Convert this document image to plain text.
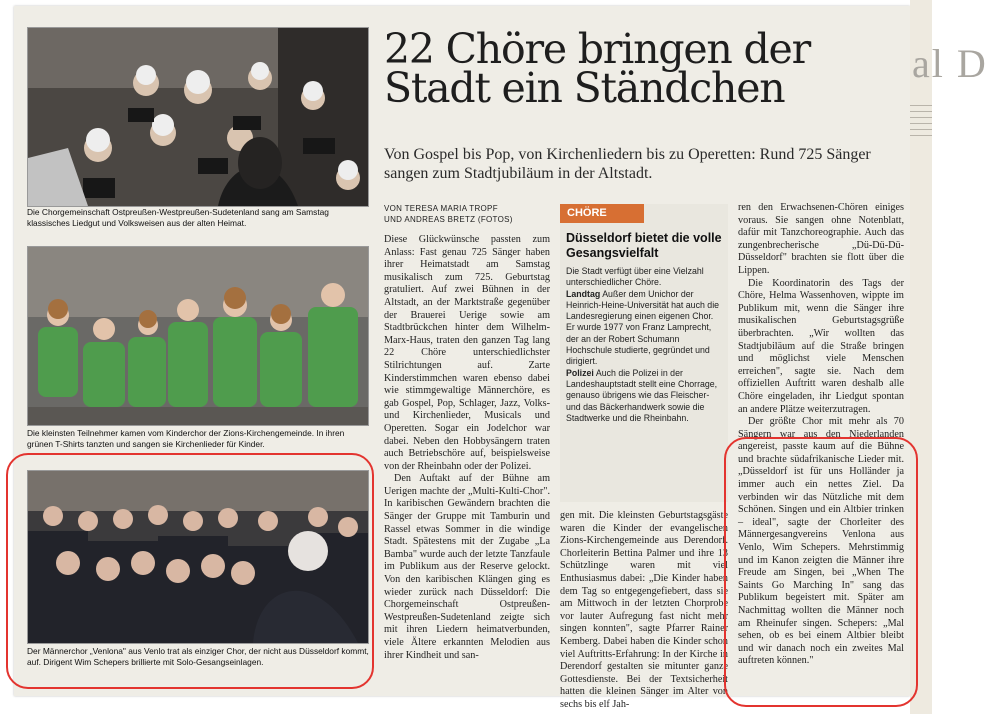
al D
Die Chorgemeinschaft Ostpreußen-Westpreußen-Sudetenland sang am Samstag klassisches Liedgut und Volksweisen aus der alten Heimat.
Die kleinsten Teilnehmer kamen vom Kinderchor der Zions-Kirchengemeinde. In ihren grünen T-Shirts tanzten und sangen sie Kirchenlieder für Kinder.
Der Männerchor „Venlona" aus Venlo trat als einziger Chor, der nicht aus Düsseldorf kommt, auf. Dirigent Wim Schepers brillierte mit Solo-Gesangseinlagen.
22 Chöre bringen der
Stadt ein Ständchen
Von Gospel bis Pop, von Kirchenliedern bis zu Operetten: Rund 725 Sänger sangen zum Stadtjubiläum in der Altstadt.
VON TERESA MARIA TROPF
UND ANDREAS BRETZ (FOTOS)

Diese Glückwünsche passten zum Anlass: Fast genau 725 Sänger haben ihrer Heimatstadt am Samstag musikalisch zum 725. Geburtstag gratuliert. Auf zwei Bühnen in der Altstadt, an der Marktstraße gegenüber der Brauerei Uerige sowie am Stadtbrückchen hinter dem Wilhelm-Marx-Haus, traten den ganzen Tag lang 22 Chöre unterschiedlichster Stilrichtungen auf. Zarte Kinderstimmchen waren ebenso dabei wie stimmgewaltige Männerchöre, es gab Gospel, Pop, Schlager, Jazz, Volks- und Kirchenlieder, Musicals und Operetten. Sogar ein Jodelchor war dabei. Neben den Hobbysängern traten auch Betriebschöre auf, beispielsweise von der Rheinbahn oder der Polizei.

Den Auftakt auf der Bühne am Uerigen machte der „Multi-Kulti-Chor". In karibischen Gewändern brachten die Sänger der Gruppe mit Tamburin und Rassel etwas Sommer in die windige Stadt. Spätestens mit der Zugabe „La Bamba" wurde auch der letzte Tanzfaule im Publikum aus der Reserve gelockt. Von den karibischen Klängen ging es wieder zurück nach Düsseldorf: Die Chorgemeinschaft Ostpreußen-Westpreußen-Sudetenland zeigte sich mit ihren Liedern heimatverbunden, viele Ältere erkannten Melodien aus ihrer Kindheit und san-

CHÖRE
Düsseldorf bietet die volle Gesangsvielfalt
Die Stadt verfügt über eine Vielzahl unterschiedlicher Chöre.
Landtag Außer dem Unichor der Heinrich-Heine-Universität hat auch die Landesregierung einen eigenen Chor. Er wurde 1977 von Franz Lamprecht, der an der Robert Schumann Hochschule studierte, gegründet und dirigiert.
Polizei Auch die Polizei in der Landeshauptstadt stellt eine Chorrage, genauso übrigens wie das Fleischer- und das Bäckerhandwerk sowie die Stadtwerke und die Rheinbahn.

gen mit. Die kleinsten Geburtstagsgäste waren die Kinder der evangelischen Zions-Kirchengemeinde aus Derendorf. Chorleiterin Bettina Palmer und ihre 13 Schützlinge waren mit viel Enthusiasmus dabei: „Die Kinder haben dem Tag so entgegengefiebert, dass sie am Mittwoch in der letzten Chorprobe vor lauter Aufregung fast nicht mehr singen konnten", sagte Pfarrer Rainer Kemberg. Dabei haben die Kinder schon viel Auftritts-Erfahrung: In der Kirche in Derendorf gestalten sie mitunter ganze Gottesdienste. Bei der Textsicherheit hatten die kleinen Sänger im Alter von sechs bis elf Jah-

ren den Erwachsenen-Chören einiges voraus. Sie sangen ohne Notenblatt, dafür mit Tanzchoreographie. Auch das zungenbrecherische „Dü-Dü-Dü-Düsseldorf" brachten sie flott über die Lippen.

Die Koordinatorin des Tags der Chöre, Helma Wassenhoven, wippte im Publikum mit, wenn die Sänger ihre musikalischen Geburtstagsgrüße überbrachten. „Wir wollten das Stadtjubiläum auf die Straße bringen und möglichst viele Menschen erreichen", sagte sie. Nach dem offiziellen Auftritt waren deshalb alle Chöre eingeladen, ihr Liedgut spontan an andere Plätze weiterzutragen.

Der größte Chor mit mehr als 70 Sängern war aus den Niederlanden angereist, passte kaum auf die Bühne und brachte südafrikanische Lieder mit. „Düsseldorf ist für uns Holländer ja immer auch ein nettes Ziel. Da verbinden wir das Nützliche mit dem Schönen. Singen und ein Altbier trinken – ideal", sagte der Chorleiter des Männergesangvereins Venlona aus Venlo, Wim Schepers. Mehrstimmig und im Kanon zeigten die Männer ihre Freude am Singen, bei „When The Saints Go Marching In" sang das Publikum begeistert mit. Später am Nachmittag wollten die Männer noch am Rheinufer singen. Schepers: „Mal sehen, ob es bei einem Altbier bleibt und wir danach noch ein zweites Mal auftreten können."
